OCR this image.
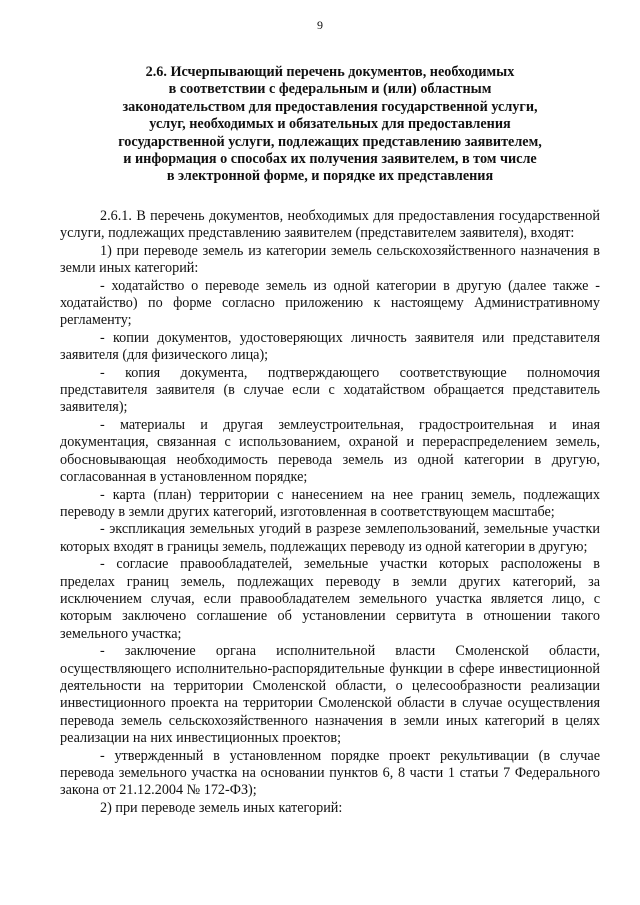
9
2.6. Исчерпывающий перечень документов, необходимых
в соответствии с федеральным и (или) областным
законодательством для предоставления государственной услуги,
услуг, необходимых и обязательных для предоставления
государственной услуги, подлежащих представлению заявителем,
и информация о способах их получения заявителем, в том числе
в электронной форме, и порядке их представления

2.6.1. В перечень документов, необходимых для предоставления государственной услуги, подлежащих представлению заявителем (представителем заявителя), входят:

1) при переводе земель из категории земель сельскохозяйственного назначения в земли иных категорий:

- ходатайство о переводе земель из одной категории в другую (далее также - ходатайство) по форме согласно приложению к настоящему Административному регламенту;

- копии документов, удостоверяющих личность заявителя или представителя заявителя (для физического лица);

- копия документа, подтверждающего соответствующие полномочия представителя заявителя (в случае если с ходатайством обращается представитель заявителя);

- материалы и другая землеустроительная, градостроительная и иная документация, связанная с использованием, охраной и перераспределением земель, обосновывающая необходимость перевода земель из одной категории в другую, согласованная в установленном порядке;

- карта (план) территории с нанесением на нее границ земель, подлежащих переводу в земли других категорий, изготовленная в соответствующем масштабе;

- экспликация земельных угодий в разрезе землепользований, земельные участки которых входят в границы земель, подлежащих переводу из одной категории в другую;

- согласие правообладателей, земельные участки которых расположены в пределах границ земель, подлежащих переводу в земли других категорий, за исключением случая, если правообладателем земельного участка является лицо, с которым заключено соглашение об установлении сервитута в отношении такого земельного участка;

- заключение органа исполнительной власти Смоленской области, осуществляющего исполнительно-распорядительные функции в сфере инвестиционной деятельности на территории Смоленской области, о целесообразности реализации инвестиционного проекта на территории Смоленской области в случае осуществления перевода земель сельскохозяйственного назначения в земли иных категорий в целях реализации на них инвестиционных проектов;

- утвержденный в установленном порядке проект рекультивации (в случае перевода земельного участка на основании пунктов 6, 8 части 1 статьи 7 Федерального закона от 21.12.2004 № 172-ФЗ);

2) при переводе земель иных категорий:
